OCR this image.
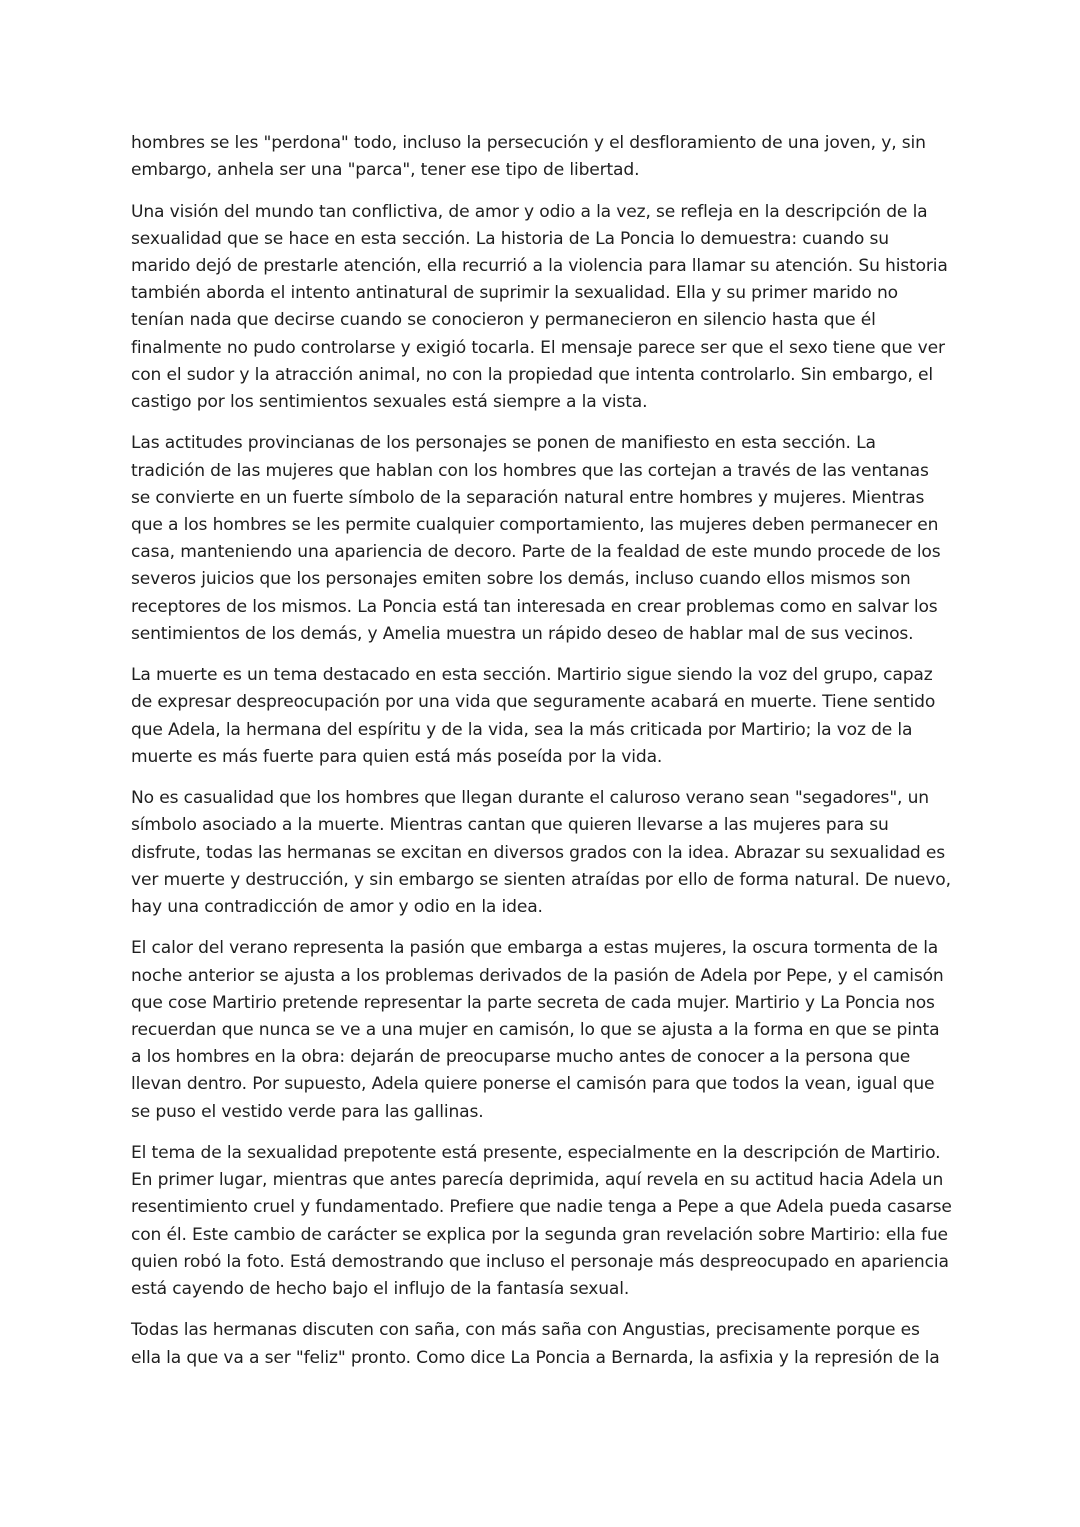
hombres se les "perdona" todo, incluso la persecución y el desfloramiento de una joven, y, sin embargo, anhela ser una "parca", tener ese tipo de libertad.

Una visión del mundo tan conflictiva, de amor y odio a la vez, se refleja en la descripción de la sexualidad que se hace en esta sección. La historia de La Poncia lo demuestra: cuando su marido dejó de prestarle atención, ella recurrió a la violencia para llamar su atención. Su historia también aborda el intento antinatural de suprimir la sexualidad. Ella y su primer marido no tenían nada que decirse cuando se conocieron y permanecieron en silencio hasta que él finalmente no pudo controlarse y exigió tocarla. El mensaje parece ser que el sexo tiene que ver con el sudor y la atracción animal, no con la propiedad que intenta controlarlo. Sin embargo, el castigo por los sentimientos sexuales está siempre a la vista.

Las actitudes provincianas de los personajes se ponen de manifiesto en esta sección. La tradición de las mujeres que hablan con los hombres que las cortejan a través de las ventanas se convierte en un fuerte símbolo de la separación natural entre hombres y mujeres. Mientras que a los hombres se les permite cualquier comportamiento, las mujeres deben permanecer en casa, manteniendo una apariencia de decoro. Parte de la fealdad de este mundo procede de los severos juicios que los personajes emiten sobre los demás, incluso cuando ellos mismos son receptores de los mismos. La Poncia está tan interesada en crear problemas como en salvar los sentimientos de los demás, y Amelia muestra un rápido deseo de hablar mal de sus vecinos.

La muerte es un tema destacado en esta sección. Martirio sigue siendo la voz del grupo, capaz de expresar despreocupación por una vida que seguramente acabará en muerte. Tiene sentido que Adela, la hermana del espíritu y de la vida, sea la más criticada por Martirio; la voz de la muerte es más fuerte para quien está más poseída por la vida.

No es casualidad que los hombres que llegan durante el caluroso verano sean "segadores", un símbolo asociado a la muerte. Mientras cantan que quieren llevarse a las mujeres para su disfrute, todas las hermanas se excitan en diversos grados con la idea. Abrazar su sexualidad es ver muerte y destrucción, y sin embargo se sienten atraídas por ello de forma natural. De nuevo, hay una contradicción de amor y odio en la idea.

El calor del verano representa la pasión que embarga a estas mujeres, la oscura tormenta de la noche anterior se ajusta a los problemas derivados de la pasión de Adela por Pepe, y el camisón que cose Martirio pretende representar la parte secreta de cada mujer. Martirio y La Poncia nos recuerdan que nunca se ve a una mujer en camisón, lo que se ajusta a la forma en que se pinta a los hombres en la obra: dejarán de preocuparse mucho antes de conocer a la persona que llevan dentro. Por supuesto, Adela quiere ponerse el camisón para que todos la vean, igual que se puso el vestido verde para las gallinas.

El tema de la sexualidad prepotente está presente, especialmente en la descripción de Martirio. En primer lugar, mientras que antes parecía deprimida, aquí revela en su actitud hacia Adela un resentimiento cruel y fundamentado. Prefiere que nadie tenga a Pepe a que Adela pueda casarse con él. Este cambio de carácter se explica por la segunda gran revelación sobre Martirio: ella fue quien robó la foto. Está demostrando que incluso el personaje más despreocupado en apariencia está cayendo de hecho bajo el influjo de la fantasía sexual.

Todas las hermanas discuten con saña, con más saña con Angustias, precisamente porque es ella la que va a ser "feliz" pronto. Como dice La Poncia a Bernarda, la asfixia y la represión de la
